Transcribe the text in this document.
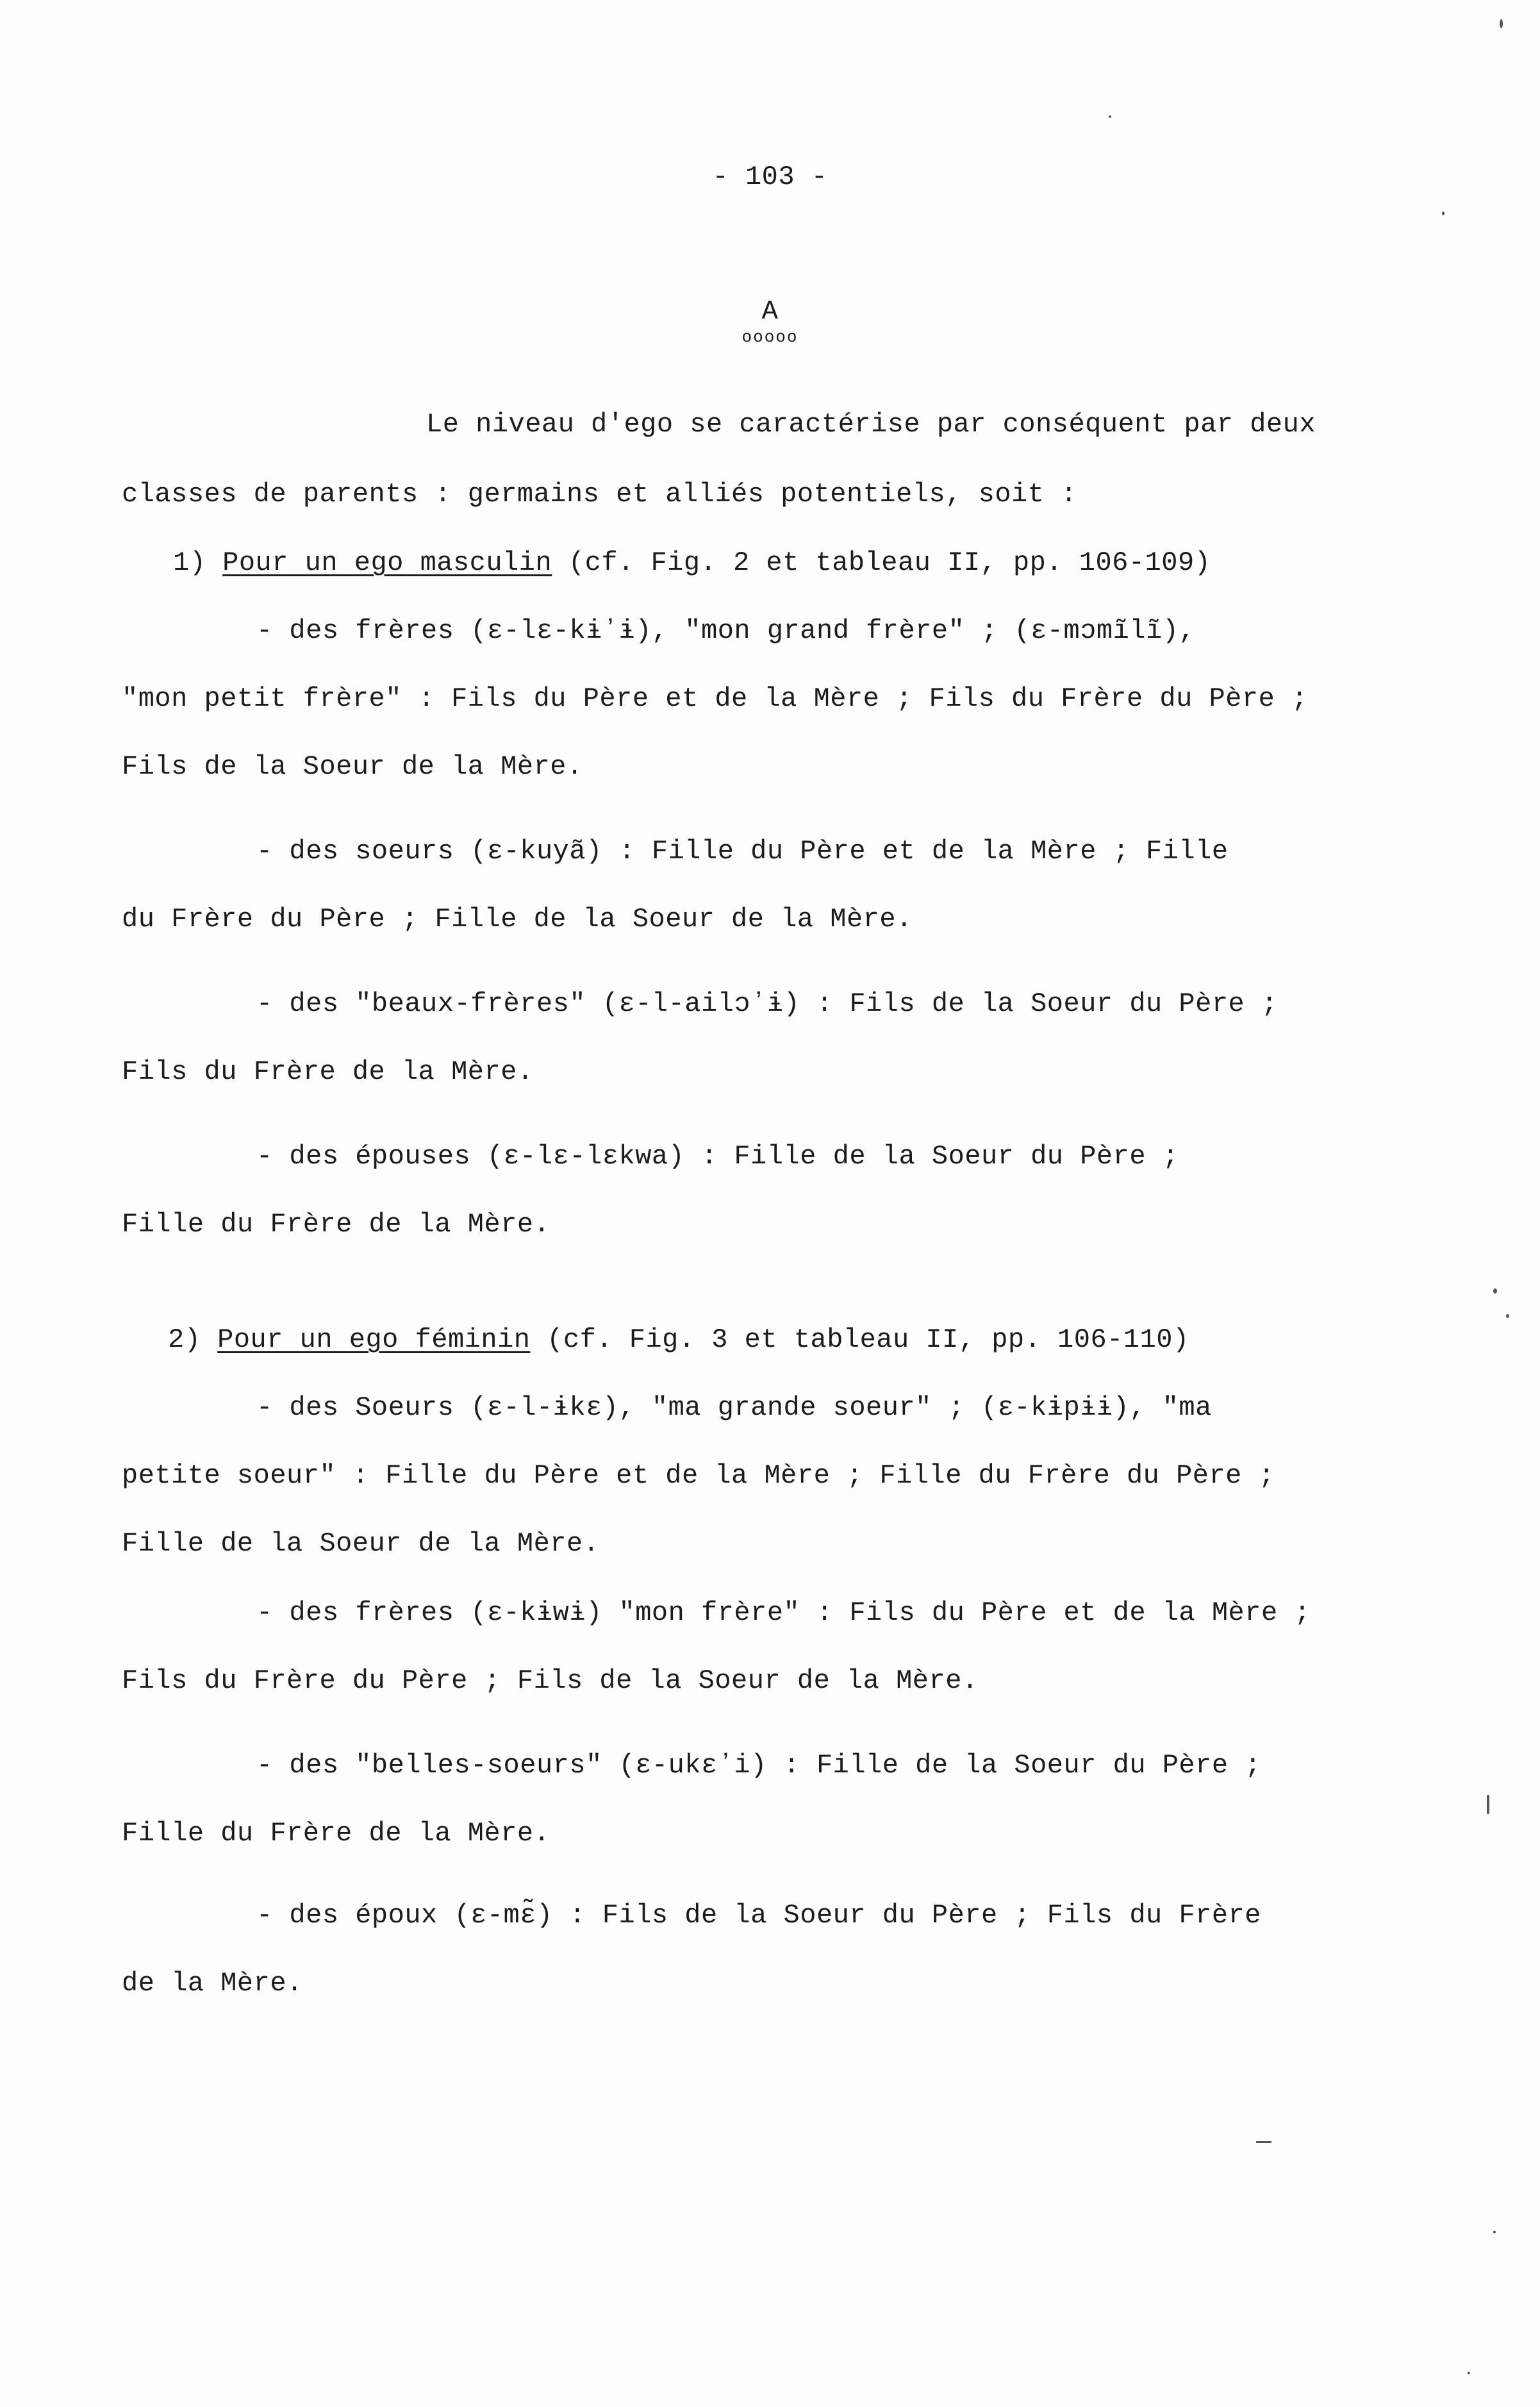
- 103 -
A
ooooo
Le niveau d'ego se caractérise par conséquent par deux
classes de parents : germains et alliés potentiels, soit :
1) Pour un ego masculin (cf. Fig. 2 et tableau II, pp. 106-109)
- des frères (ɛ-lɛ-kɨʼɨ), "mon grand frère" ; (ɛ-mɔmĩlĩ),
"mon petit frère" : Fils du Père et de la Mère ; Fils du Frère du Père ;
Fils de la Soeur de la Mère.
- des soeurs (ɛ-kuyã) : Fille du Père et de la Mère ; Fille
du Frère du Père ; Fille de la Soeur de la Mère.
- des "beaux-frères" (ɛ-l-ailɔʼɨ) : Fils de la Soeur du Père ;
Fils du Frère de la Mère.
- des épouses (ɛ-lɛ-lɛkwa) : Fille de la Soeur du Père ;
Fille du Frère de la Mère.
2) Pour un ego féminin (cf. Fig. 3 et tableau II, pp. 106-110)
- des Soeurs (ɛ-l-ɨkɛ), "ma grande soeur" ; (ɛ-kɨpɨɨ), "ma
petite soeur" : Fille du Père et de la Mère ; Fille du Frère du Père ;
Fille de la Soeur de la Mère.
- des frères (ɛ-kɨwɨ) "mon frère" : Fils du Père et de la Mère ;
Fils du Frère du Père ; Fils de la Soeur de la Mère.
- des "belles-soeurs" (ɛ-ukɛʼi) : Fille de la Soeur du Père ;
Fille du Frère de la Mère.
- des époux (ɛ-mɛ̃) : Fils de la Soeur du Père ; Fils du Frère
de la Mère.
